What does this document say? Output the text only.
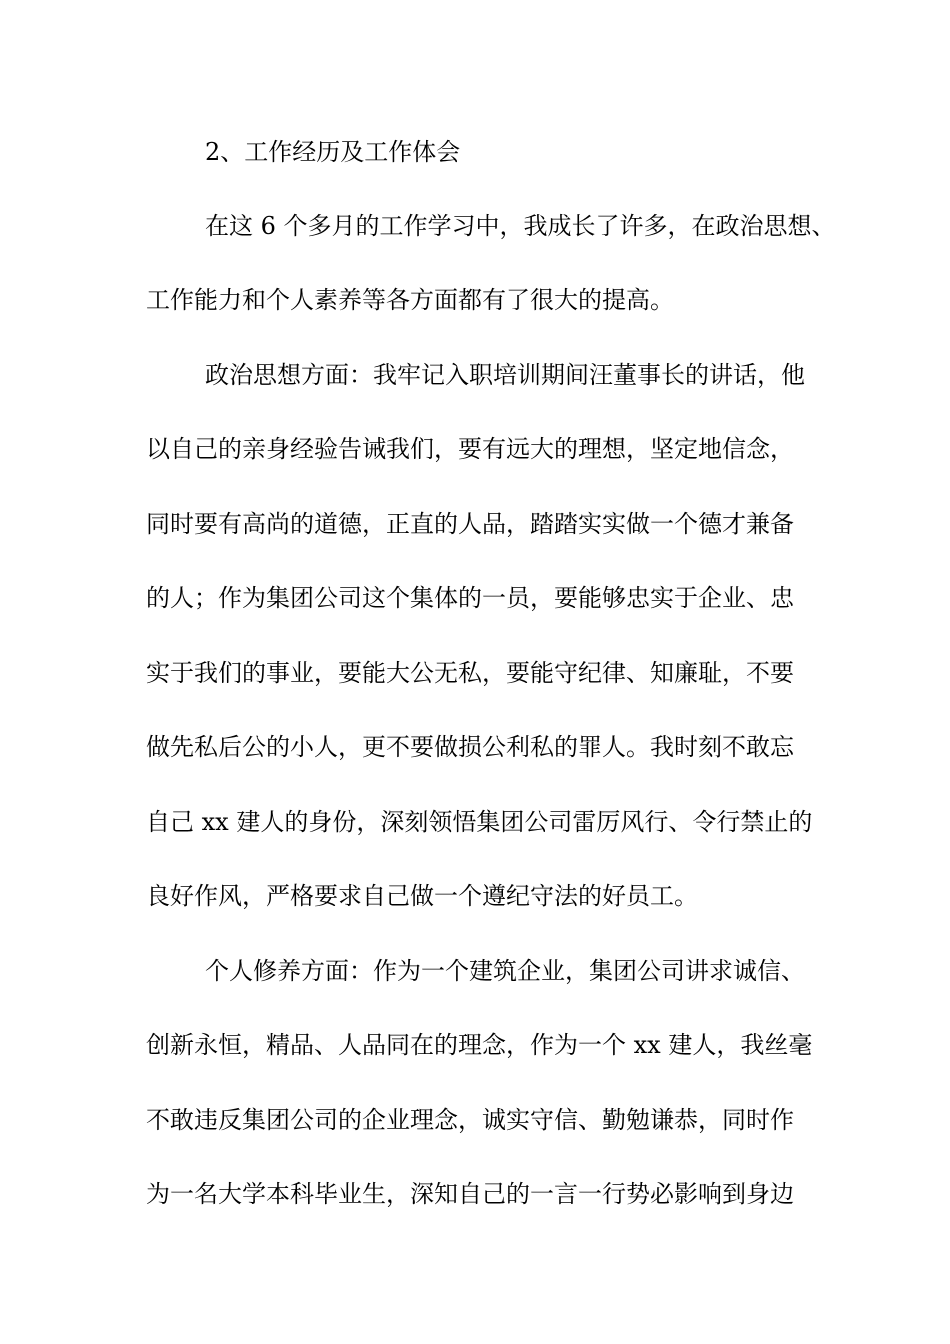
2、工作经历及工作体会
在这 6 个多月的工作学习中，我成长了许多，在政治思想、
工作能力和个人素养等各方面都有了很大的提高。
政治思想方面：我牢记入职培训期间汪董事长的讲话，他
以自己的亲身经验告诫我们，要有远大的理想，坚定地信念，
同时要有高尚的道德，正直的人品，踏踏实实做一个德才兼备
的人；作为集团公司这个集体的一员，要能够忠实于企业、忠
实于我们的事业，要能大公无私，要能守纪律、知廉耻，不要
做先私后公的小人，更不要做损公利私的罪人。我时刻不敢忘
自己 xx 建人的身份，深刻领悟集团公司雷厉风行、令行禁止的
良好作风，严格要求自己做一个遵纪守法的好员工。
个人修养方面：作为一个建筑企业，集团公司讲求诚信、
创新永恒，精品、人品同在的理念，作为一个 xx 建人，我丝毫
不敢违反集团公司的企业理念，诚实守信、勤勉谦恭，同时作
为一名大学本科毕业生，深知自己的一言一行势必影响到身边
